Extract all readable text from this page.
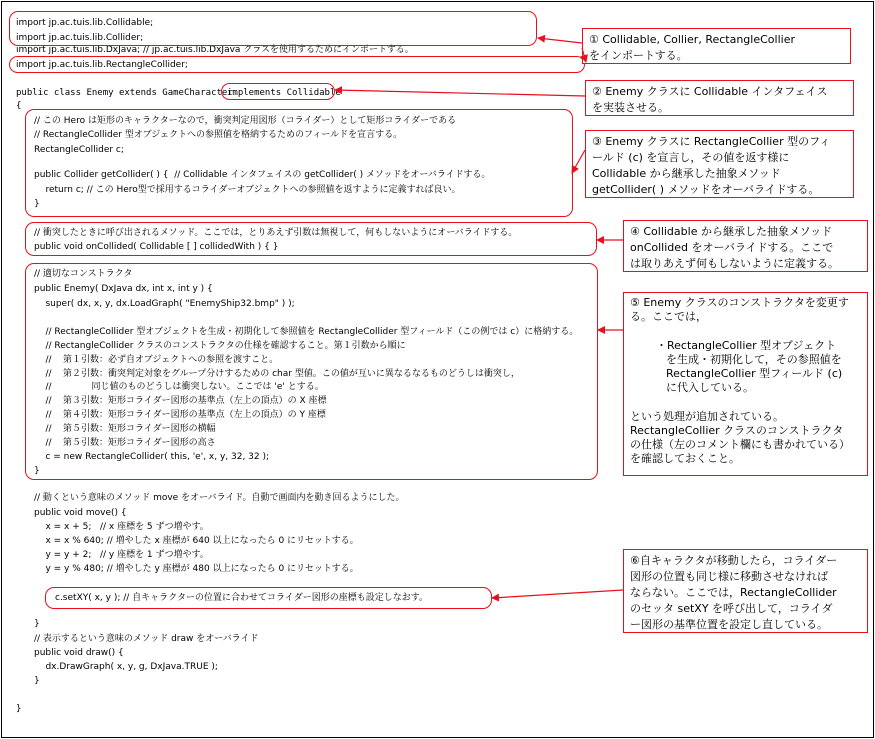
import jp.ac.tuis.lib.Collidable;
import jp.ac.tuis.lib.Collider;
import jp.ac.tuis.lib.DxJava; // jp.ac.tuis.lib.DxJava クラスを使用するためにインポートする。
import jp.ac.tuis.lib.RectangleCollider;
public class Enemy extends GameCharacter
implements Collidable
{
// この Hero は矩形のキャラクターなので，衝突判定用図形（コライダー）として矩形コライダーである
// RectangleCollider 型オブジェクトへの参照値を格納するためのフィールドを宣言する。
RectangleCollider c;
public Collider getCollider( ) {  // Collidable インタフェイスの getCollider( ) メソッドをオーバライドする。
return c; // この Hero型で採用するコライダーオブジェクトへの参照値を返すように定義すれば良い。
}
// 衝突したときに呼び出されるメソッド。ここでは，とりあえず引数は無視して，何もしないようにオーバライドする。
public void onCollided( Collidable [ ] collidedWith ) { }
// 適切なコンストラクタ
public Enemy( DxJava dx, int x, int y ) {
super( dx, x, y, dx.LoadGraph( "EnemyShip32.bmp" ) );
// RectangleCollider 型オブジェクトを生成・初期化して参照値を RectangleCollider 型フィールド（この例では c）に格納する。
// RectangleCollider クラスのコンストラクタの仕様を確認すること。第１引数から順に
//    第１引数：必ず自オブジェクトへの参照を渡すこと。
//    第２引数：衝突判定対象をグループ分けするための char 型値。この値が互いに異なるなるものどうしは衝突し，
//              同じ値のものどうしは衝突しない。ここでは 'e' とする。
//    第３引数：矩形コライダー図形の基準点（左上の頂点）の X 座標
//    第４引数：矩形コライダー図形の基準点（左上の頂点）の Y 座標
//    第５引数：矩形コライダー図形の横幅
//    第５引数：矩形コライダー図形の高さ
c = new RectangleCollider( this, 'e', x, y, 32, 32 );
}
// 動くという意味のメソッド move をオーバライド。自動で画面内を動き回るようにした。
public void move() {
x = x + 5;   // x 座標を 5 ずつ増やす。
x = x % 640; // 増やした x 座標が 640 以上になったら 0 にリセットする。
y = y + 2;   // y 座標を 1 ずつ増やす。
y = y % 480; // 増やした y 座標が 480 以上になったら 0 にリセットする。
c.setXY( x, y ); // 自キャラクターの位置に合わせてコライダー図形の座標も設定しなおす。
}
// 表示するという意味のメソッド draw をオーバライド
public void draw() {
dx.DrawGraph( x, y, g, DxJava.TRUE );
}
}
① Collidable, Collier, RectangleCollier
をインポートする。
② Enemy クラスに Collidable インタフェイス
を実装させる。
③ Enemy クラスに RectangleCollier 型のフィ
ールド (c) を宣言し，その値を返す様に
Collidable から継承した抽象メソッド
getCollider( ) メソッドをオーバライドする。
④ Collidable から継承した抽象メソッド
onCollided をオーバライドする。ここで
は取りあえず何もしないように定義する。
⑤ Enemy クラスのコンストラクタを変更す
る。ここでは，

・RectangleCollier 型オブジェクト
を生成・初期化して，その参照値を
RectangleCollier 型フィールド (c)
に代入している。

という処理が追加されている。
RectangleCollier クラスのコンストラクタ
の仕様（左のコメント欄にも書かれている）
を確認しておくこと。
⑥自キャラクタが移動したら，コライダー
図形の位置も同じ様に移動させなければ
ならない。ここでは，RectangleCollider
のセッタ setXY を呼び出して，コライダ
ー図形の基準位置を設定し直している。
